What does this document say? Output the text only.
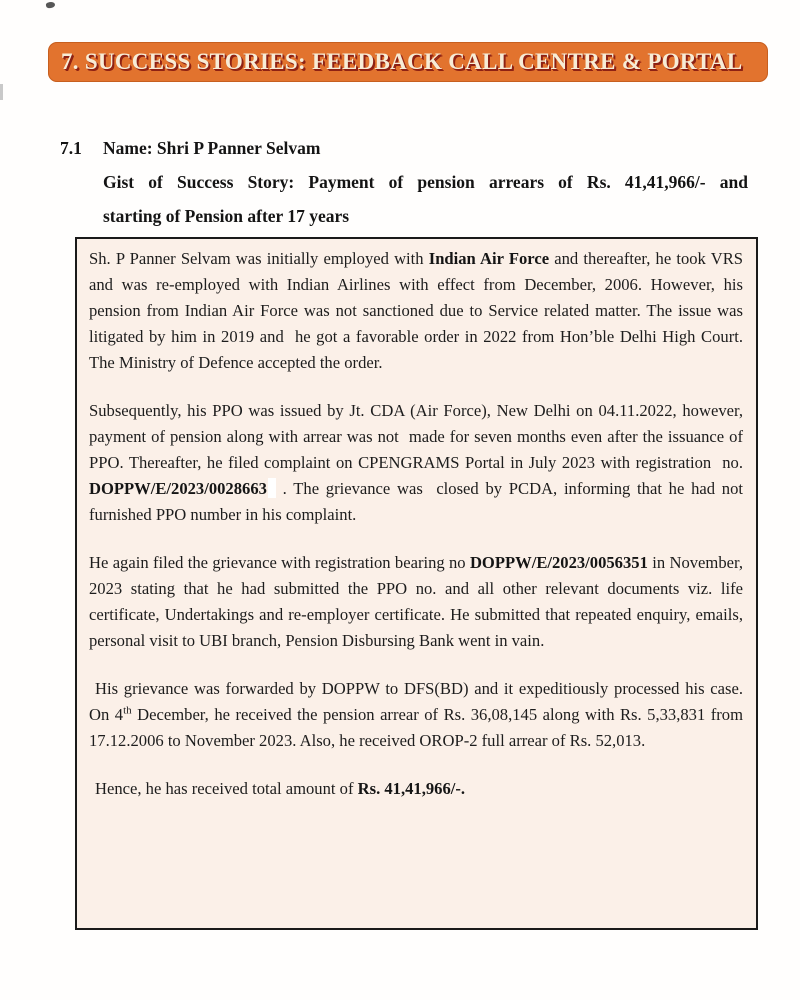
7. SUCCESS STORIES: FEEDBACK CALL CENTRE & PORTAL
7.1	Name: Shri P Panner Selvam
Gist of Success Story: Payment of pension arrears of Rs. 41,41,966/- and
starting of Pension after 17 years

Sh. P Panner Selvam was initially employed with Indian Air Force and thereafter, he took VRS and was re-employed with Indian Airlines with effect from December, 2006. However, his pension from Indian Air Force was not sanctioned due to Service related matter. The issue was litigated by him in 2019 and  he got a favorable order in 2022 from Hon’ble Delhi High Court. The Ministry of Defence accepted the order.

Subsequently, his PPO was issued by Jt. CDA (Air Force), New Delhi on 04.11.2022, however, payment of pension along with arrear was not  made for seven months even after the issuance of PPO. Thereafter, he filed complaint on CPENGRAMS Portal in July 2023 with registration  no. DOPPW/E/2023/0028663 . The grievance was  closed by PCDA, informing that he had not furnished PPO number in his complaint.

He again filed the grievance with registration bearing no DOPPW/E/2023/0056351 in November, 2023 stating that he had submitted the PPO no. and all other relevant documents viz. life certificate, Undertakings and re-employer certificate. He submitted that repeated enquiry, emails, personal visit to UBI branch, Pension Disbursing Bank went in vain.

His grievance was forwarded by DOPPW to DFS(BD) and it expeditiously processed his case. On 4th December, he received the pension arrear of Rs. 36,08,145 along with Rs. 5,33,831 from 17.12.2006 to November 2023. Also, he received OROP-2 full arrear of Rs. 52,013.

Hence, he has received total amount of Rs. 41,41,966/-.
